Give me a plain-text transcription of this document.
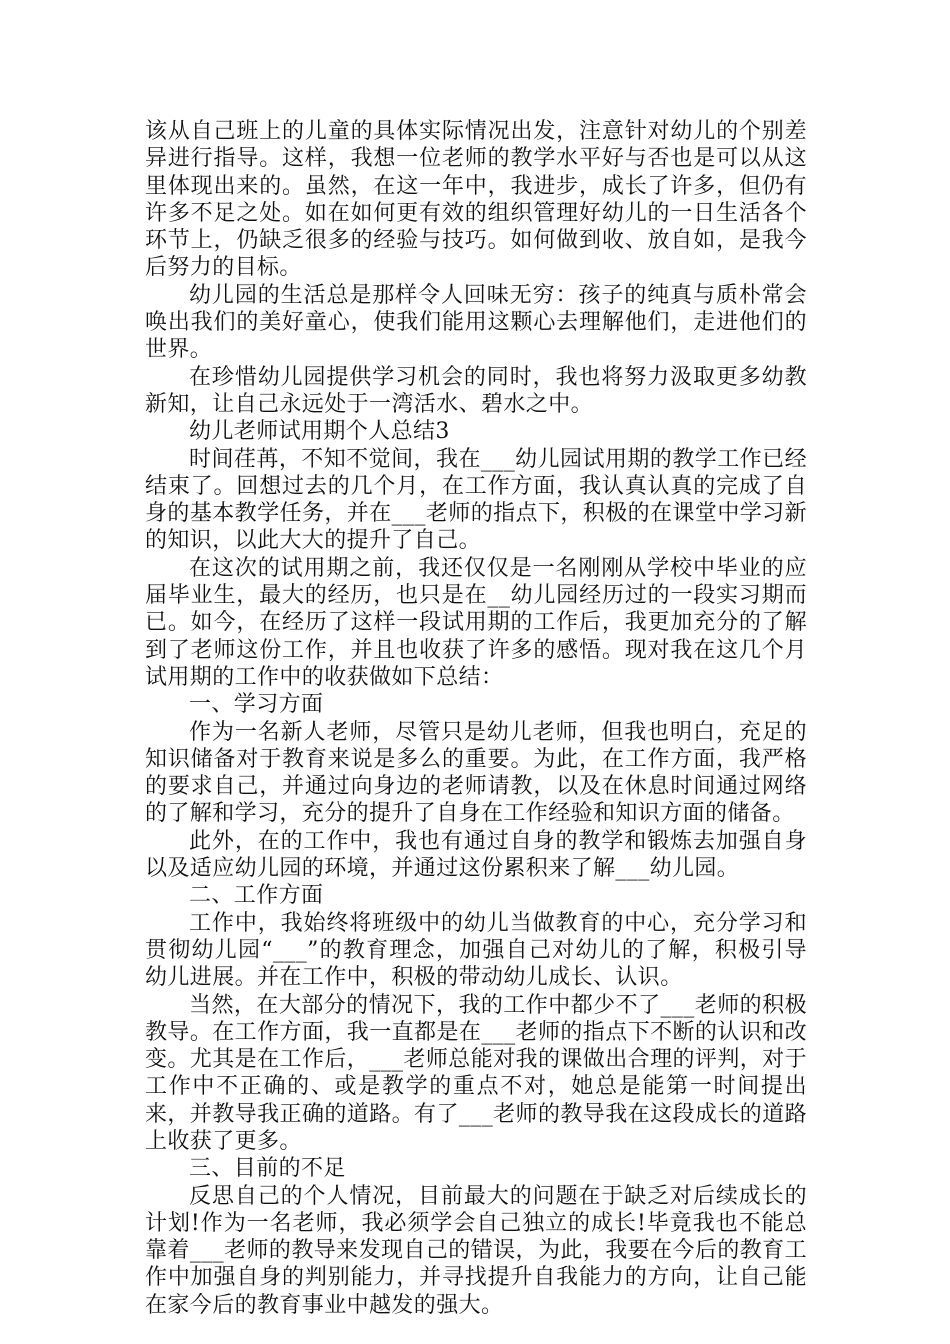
该从自己班上的儿童的具体实际情况出发，注意针对幼儿的个别差异进行指导。这样，我想一位老师的教学水平好与否也是可以从这里体现出来的。虽然，在这一年中，我进步，成长了许多，但仍有许多不足之处。如在如何更有效的组织管理好幼儿的一日生活各个环节上，仍缺乏很多的经验与技巧。如何做到收、放自如，是我今后努力的目标。

幼儿园的生活总是那样令人回味无穷：孩子的纯真与质朴常会唤出我们的美好童心，使我们能用这颗心去理解他们，走进他们的世界。

在珍惜幼儿园提供学习机会的同时，我也将努力汲取更多幼教新知，让自己永远处于一湾活水、碧水之中。

幼儿老师试用期个人总结3

时间荏苒，不知不觉间，我在___幼儿园试用期的教学工作已经结束了。回想过去的几个月，在工作方面，我认真认真的完成了自身的基本教学任务，并在___老师的指点下，积极的在课堂中学习新的知识，以此大大的提升了自己。

在这次的试用期之前，我还仅仅是一名刚刚从学校中毕业的应届毕业生，最大的经历，也只是在__幼儿园经历过的一段实习期而已。如今，在经历了这样一段试用期的工作后，我更加充分的了解到了老师这份工作，并且也收获了许多的感悟。现对我在这几个月试用期的工作中的收获做如下总结：

一、学习方面

作为一名新人老师，尽管只是幼儿老师，但我也明白，充足的知识储备对于教育来说是多么的重要。为此，在工作方面，我严格的要求自己，并通过向身边的老师请教，以及在休息时间通过网络的了解和学习，充分的提升了自身在工作经验和知识方面的储备。

此外，在的工作中，我也有通过自身的教学和锻炼去加强自身以及适应幼儿园的环境，并通过这份累积来了解___幼儿园。

二、工作方面

工作中，我始终将班级中的幼儿当做教育的中心，充分学习和贯彻幼儿园“___”的教育理念，加强自己对幼儿的了解，积极引导幼儿进展。并在工作中，积极的带动幼儿成长、认识。

当然，在大部分的情况下，我的工作中都少不了___老师的积极教导。在工作方面，我一直都是在___老师的指点下不断的认识和改变。尤其是在工作后，___老师总能对我的课做出合理的评判，对于工作中不正确的、或是教学的重点不对，她总是能第一时间提出来，并教导我正确的道路。有了___老师的教导我在这段成长的道路上收获了更多。

三、目前的不足

反思自己的个人情况，目前最大的问题在于缺乏对后续成长的计划!作为一名老师，我必须学会自己独立的成长!毕竟我也不能总靠着___老师的教导来发现自己的错误，为此，我要在今后的教育工作中加强自身的判别能力，并寻找提升自我能力的方向，让自己能在家今后的教育事业中越发的强大。
